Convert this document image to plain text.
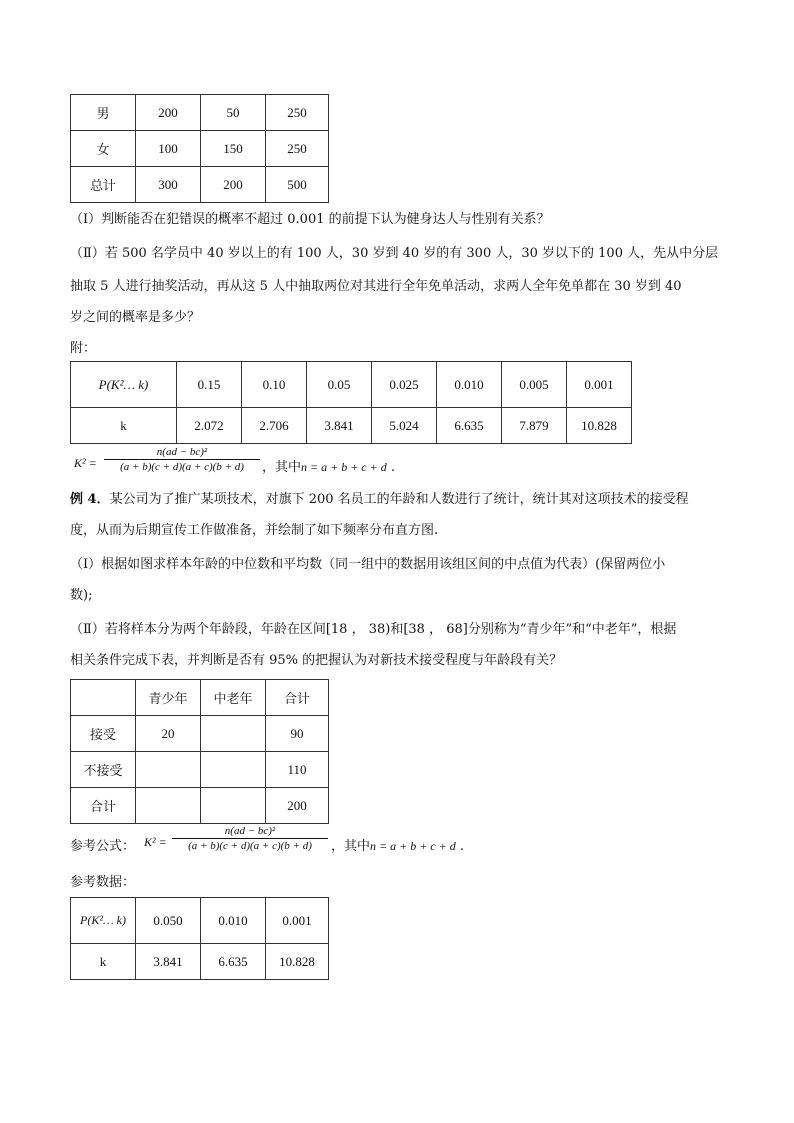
男	200	50	250
女	100	150	250
总计	300	200	500
（Ⅰ）判断能否在犯错误的概率不超过 0.001 的前提下认为健身达人与性别有关系？
（Ⅱ）若 500 名学员中 40 岁以上的有 100 人，30 岁到 40 岁的有 300 人，30 岁以下的 100 人，先从中分层
抽取 5 人进行抽奖活动，再从这 5 人中抽取两位对其进行全年免单活动，求两人全年免单都在 30 岁到 40
岁之间的概率是多少？
附：
P(K²… k)	0.15	0.10	0.05	0.025	0.010	0.005	0.001
k	2.072	2.706	3.841	5.024	6.635	7.879	10.828
$K^2 = \frac{\text{n(ad − bc)²}}{(a + b)(c + d)(a + c)(b + d)}$ ，其中n = a + b + c + d .
例 4．某公司为了推广某项技术，对旗下 200 名员工的年龄和人数进行了统计，统计其对这项技术的接受程
度，从而为后期宣传工作做准备，并绘制了如下频率分布直方图.
（Ⅰ）根据如图求样本年龄的中位数和平均数（同一组中的数据用该组区间的中点值为代表）(保留两位小
数);
（Ⅱ）若将样本分为两个年龄段，年龄在区间[18 ， 38)和[38 ， 68]分别称为“青少年”和“中老年”，根据
相关条件完成下表，并判断是否有 95% 的把握认为对新技术接受程度与年龄段有关？
	青少年	中老年	合计
接受	20		90
不接受			110
合计			200
参考公式： $K^2 = \frac{\text{n(ad − bc)²}}{(a + b)(c + d)(a + c)(b + d)}$ ，其中n = a + b + c + d .
参考数据：
P(K²… k)	0.050	0.010	0.001
k	3.841	6.635	10.828
